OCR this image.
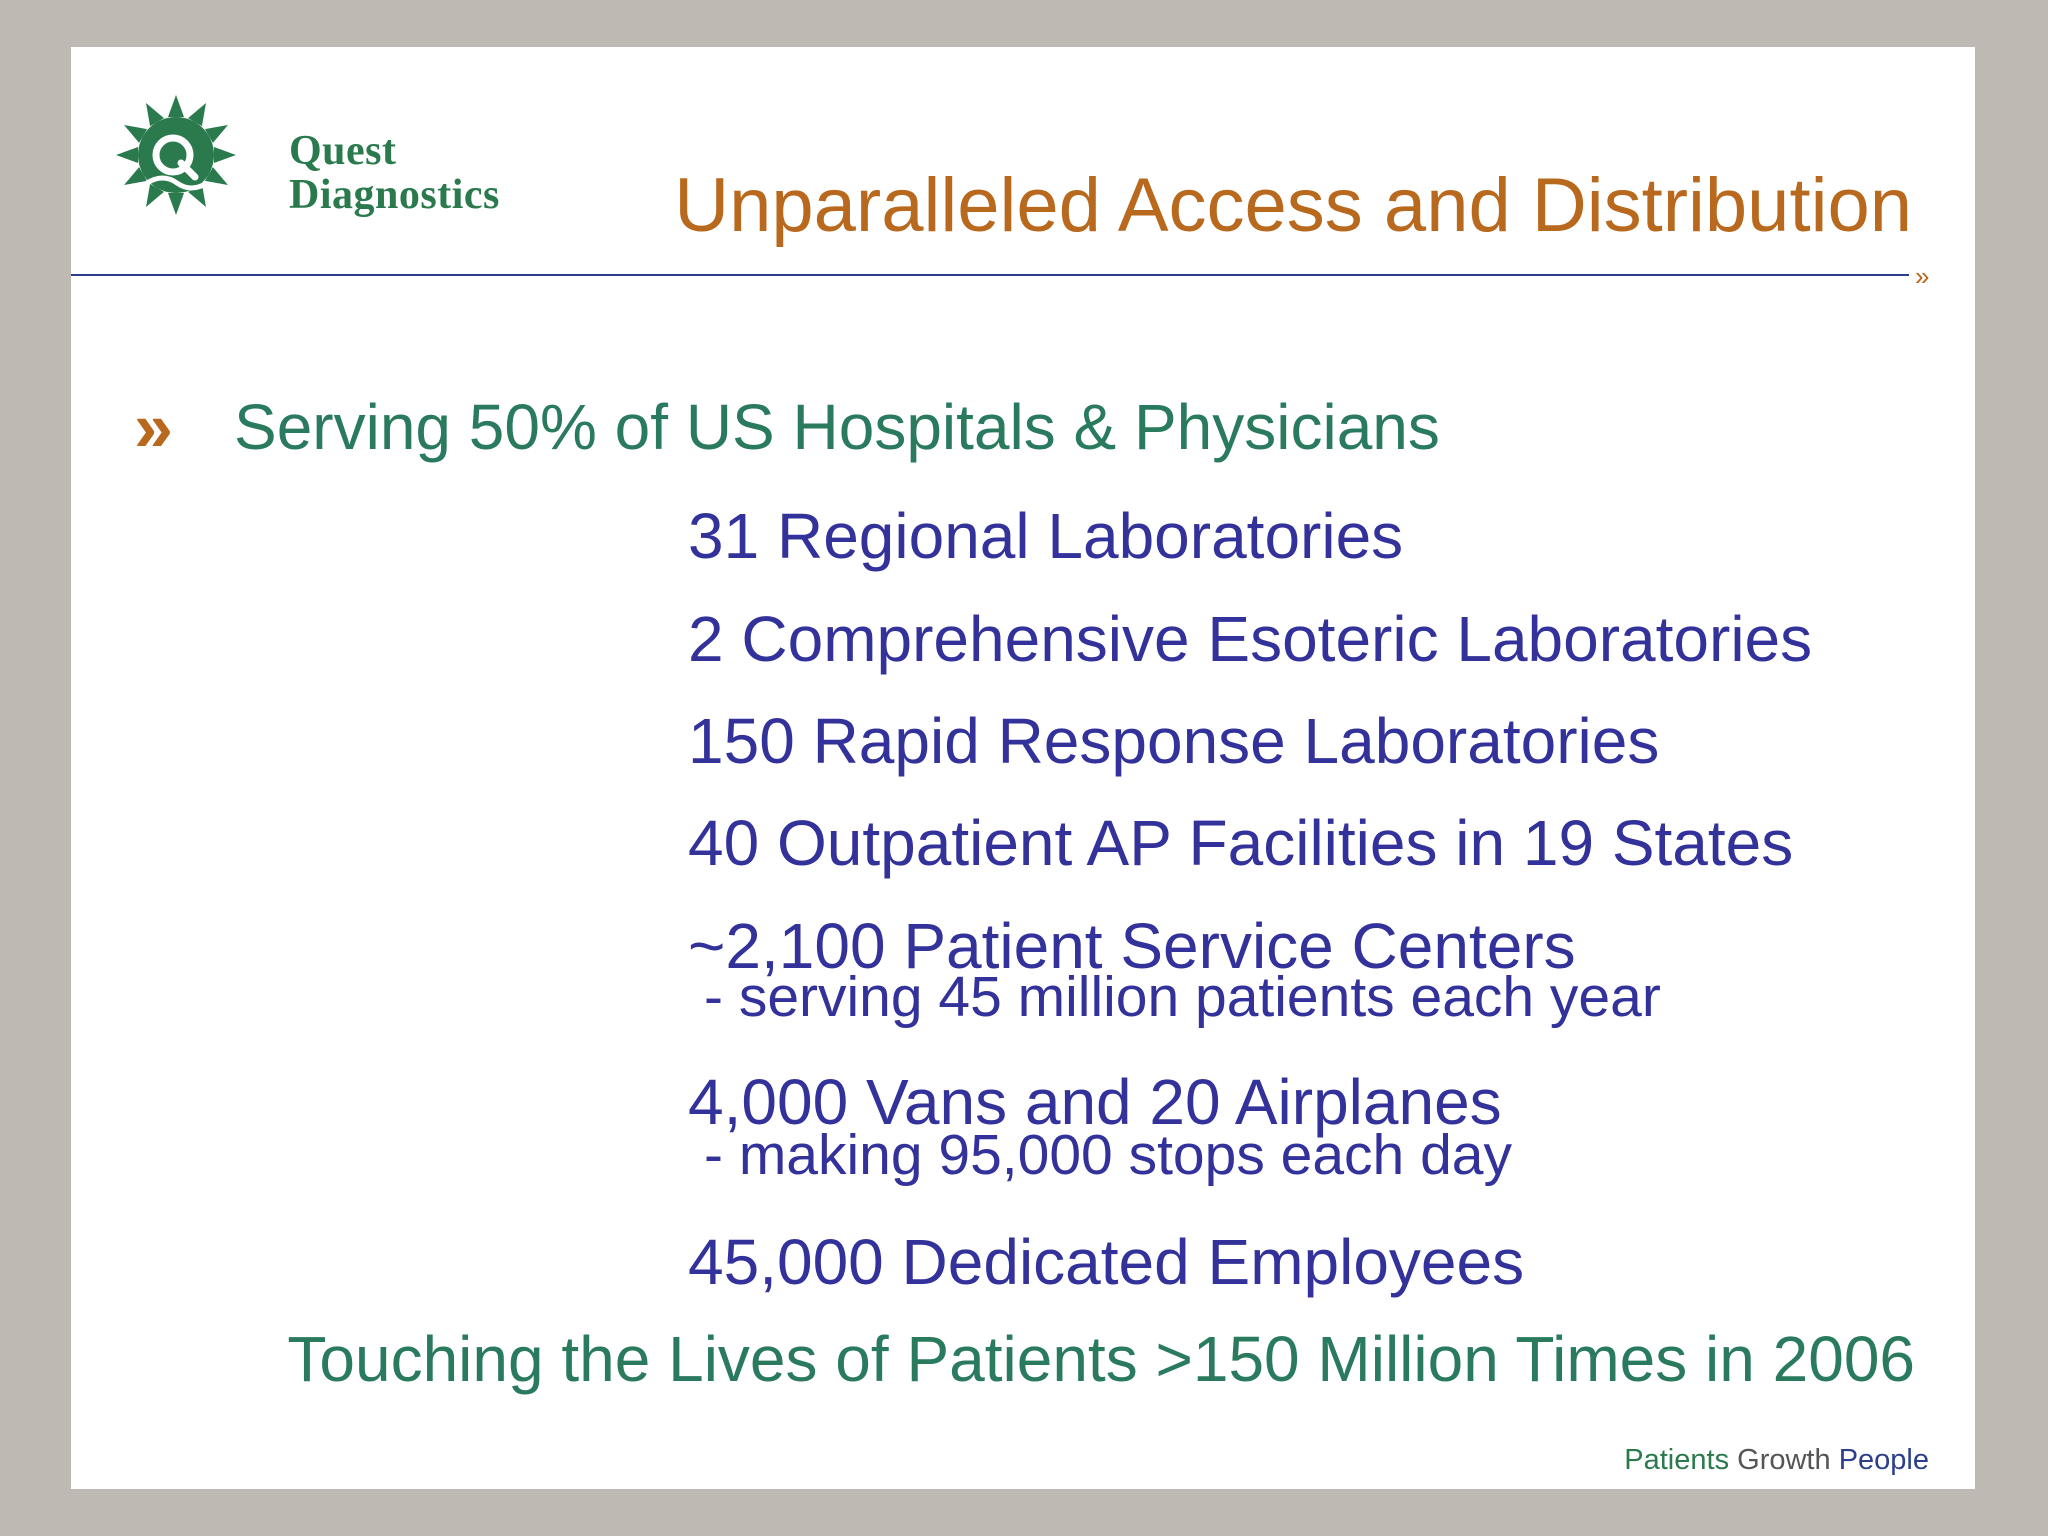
Quest
Diagnostics Unparalleled Access and Distribution
»
» Serving 50% of US Hospitals & Physicians
31 Regional Laboratories
2 Comprehensive Esoteric Laboratories
150 Rapid Response Laboratories
40 Outpatient AP Facilities in 19 States
~2,100 Patient Service Centers
- serving 45 million patients each year
4,000 Vans and 20 Airplanes
- making 95,000 stops each day
45,000 Dedicated Employees
Touching the Lives of Patients >150 Million Times in 2006
Patients Growth People
